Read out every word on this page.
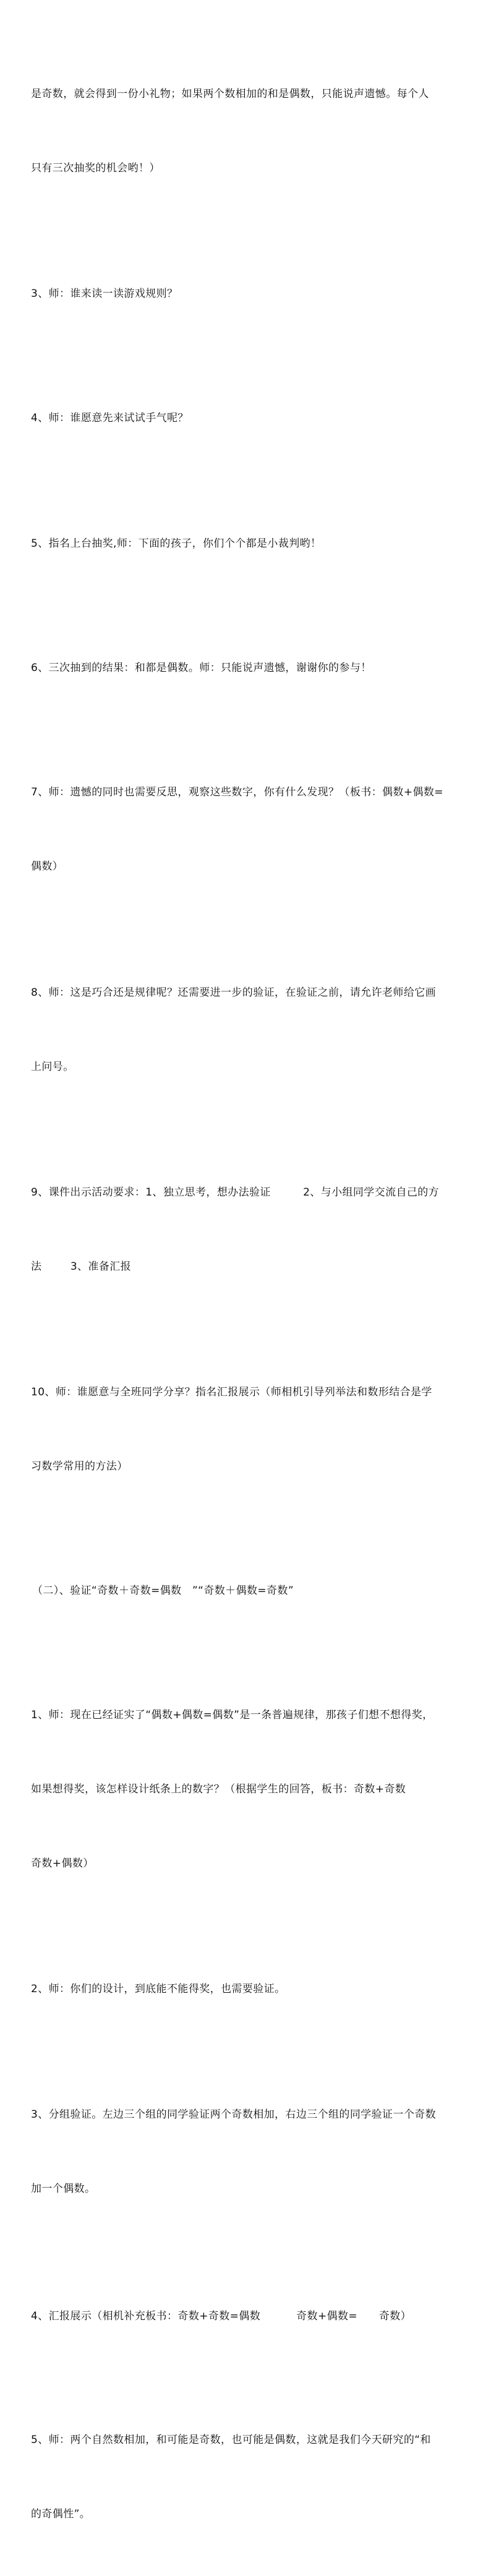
是奇数，就会得到一份小礼物；如果两个数相加的和是偶数，只能说声遗憾。每个人

只有三次抽奖的机会哟！）

3、师：谁来读一读游戏规则？

4、师：谁愿意先来试试手气呢？

5、指名上台抽奖,师：下面的孩子，你们个个都是小裁判哟！

6、三次抽到的结果：和都是偶数。师：只能说声遗憾，谢谢你的参与！

7、师：遗憾的同时也需要反思，观察这些数字，你有什么发现？（板书：偶数+偶数=

偶数）

8、师：这是巧合还是规律呢？还需要进一步的验证，在验证之前，请允许老师给它画

上问号。

9、课件出示活动要求：1、独立思考，想办法验证         2、与小组同学交流自己的方

法        3、准备汇报

10、师：谁愿意与全班同学分享？指名汇报展示（师相机引导列举法和数形结合是学

习数学常用的方法）

（二）、验证“奇数＋奇数=偶数   ”“奇数＋偶数=奇数”

1、师：现在已经证实了“偶数+偶数=偶数”是一条普遍规律，那孩子们想不想得奖，

如果想得奖，该怎样设计纸条上的数字？（根据学生的回答，板书：奇数+奇数

奇数+偶数）

2、师：你们的设计，到底能不能得奖，也需要验证。

3、分组验证。左边三个组的同学验证两个奇数相加，右边三个组的同学验证一个奇数

加一个偶数。

4、汇报展示（相机补充板书：奇数+奇数=偶数          奇数+偶数=      奇数）

5、师：两个自然数相加，和可能是奇数，也可能是偶数，这就是我们今天研究的“和

的奇偶性”。
